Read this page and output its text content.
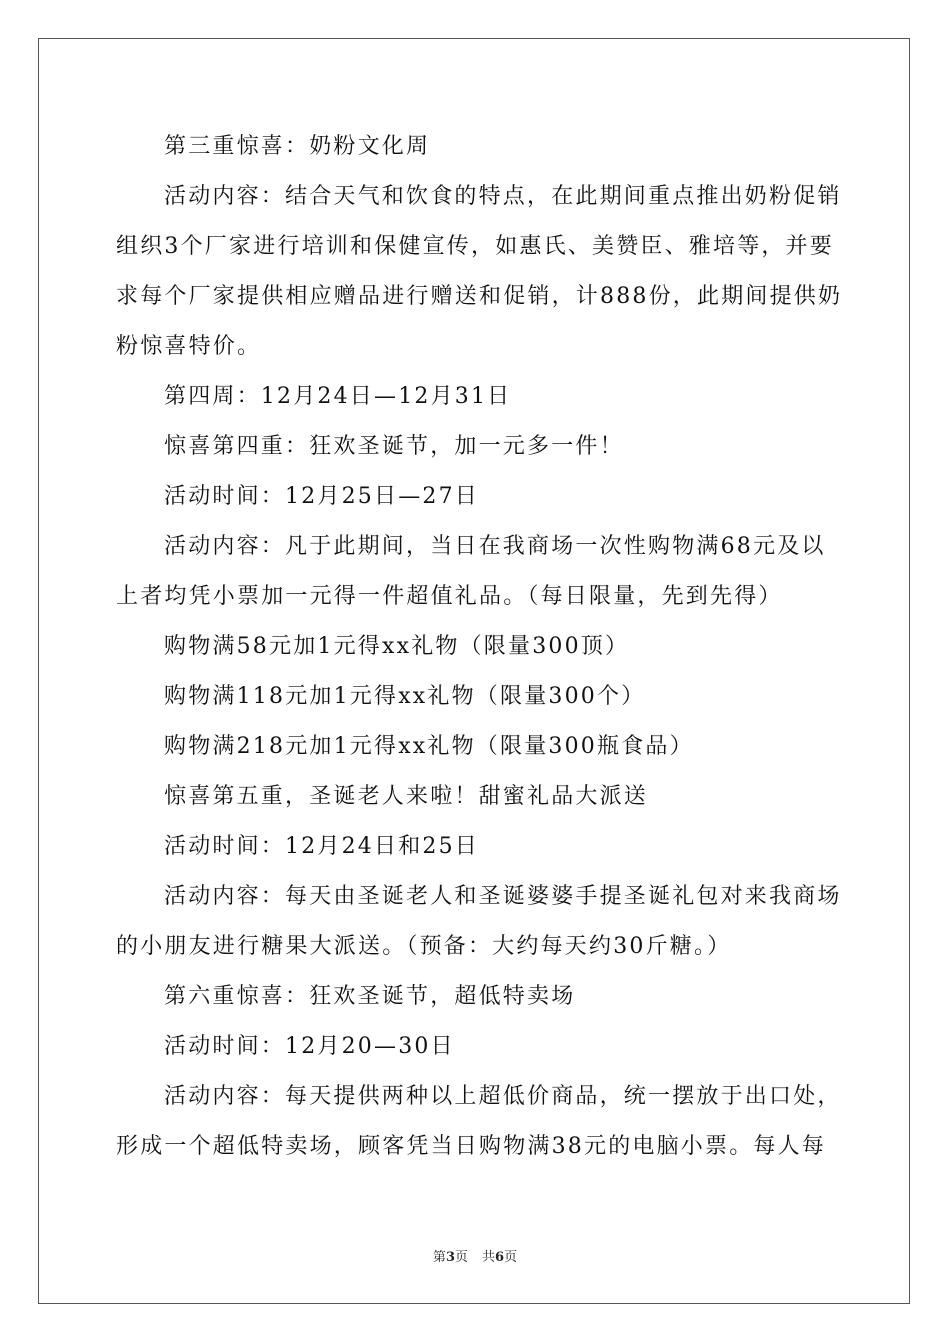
第三重惊喜：奶粉文化周
活动内容：结合天气和饮食的特点，在此期间重点推出奶粉促销
组织3个厂家进行培训和保健宣传，如惠氏、美赞臣、雅培等，并要
求每个厂家提供相应赠品进行赠送和促销，计888份，此期间提供奶
粉惊喜特价。
第四周：12月24日—12月31日
惊喜第四重：狂欢圣诞节，加一元多一件！
活动时间：12月25日—27日
活动内容：凡于此期间，当日在我商场一次性购物满68元及以
上者均凭小票加一元得一件超值礼品。（每日限量，先到先得）
购物满58元加1元得xx礼物（限量300顶）
购物满118元加1元得xx礼物（限量300个）
购物满218元加1元得xx礼物（限量300瓶食品）
惊喜第五重，圣诞老人来啦！甜蜜礼品大派送
活动时间：12月24日和25日
活动内容：每天由圣诞老人和圣诞婆婆手提圣诞礼包对来我商场
的小朋友进行糖果大派送。（预备：大约每天约30斤糖。）
第六重惊喜：狂欢圣诞节，超低特卖场
活动时间：12月20—30日
活动内容：每天提供两种以上超低价商品，统一摆放于出口处，
形成一个超低特卖场，顾客凭当日购物满38元的电脑小票。每人每
第3页 共6页
